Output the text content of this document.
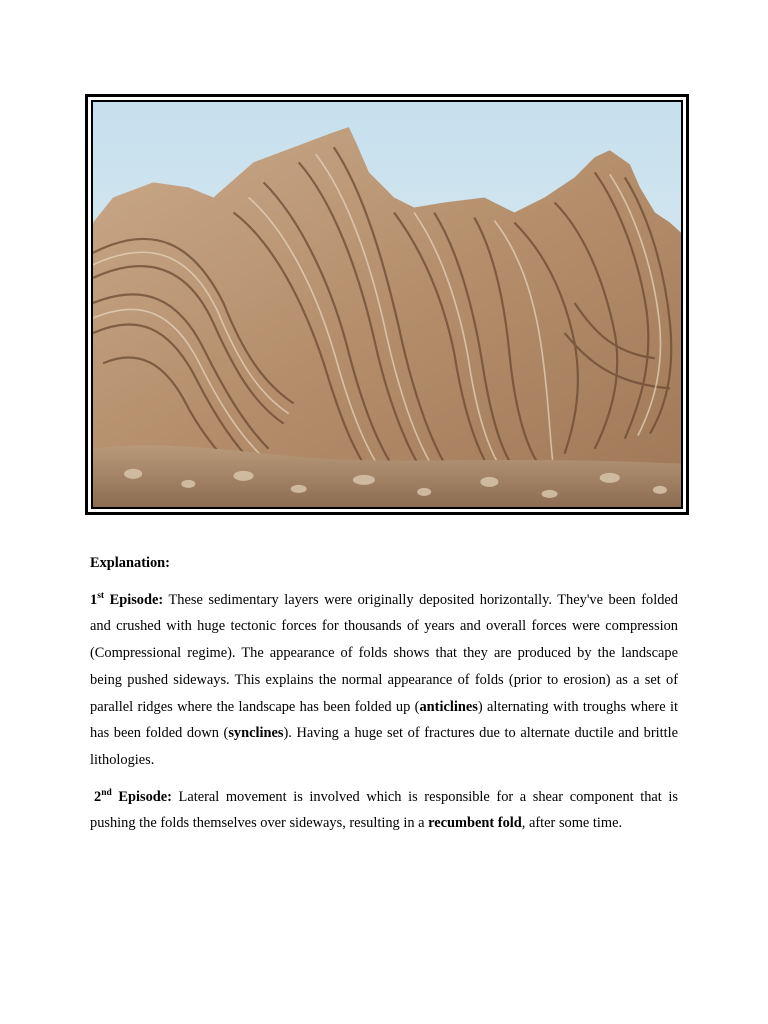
Explanation:

1st Episode: These sedimentary layers were originally deposited horizontally. They've been folded and crushed with huge tectonic forces for thousands of years and overall forces were compression (Compressional regime). The appearance of folds shows that they are produced by the landscape being pushed sideways. This explains the normal appearance of folds (prior to erosion) as a set of parallel ridges where the landscape has been folded up (anticlines) alternating with troughs where it has been folded down (synclines). Having a huge set of fractures due to alternate ductile and brittle lithologies.

2nd Episode: Lateral movement is involved which is responsible for a shear component that is pushing the folds themselves over sideways, resulting in a recumbent fold, after some time.
